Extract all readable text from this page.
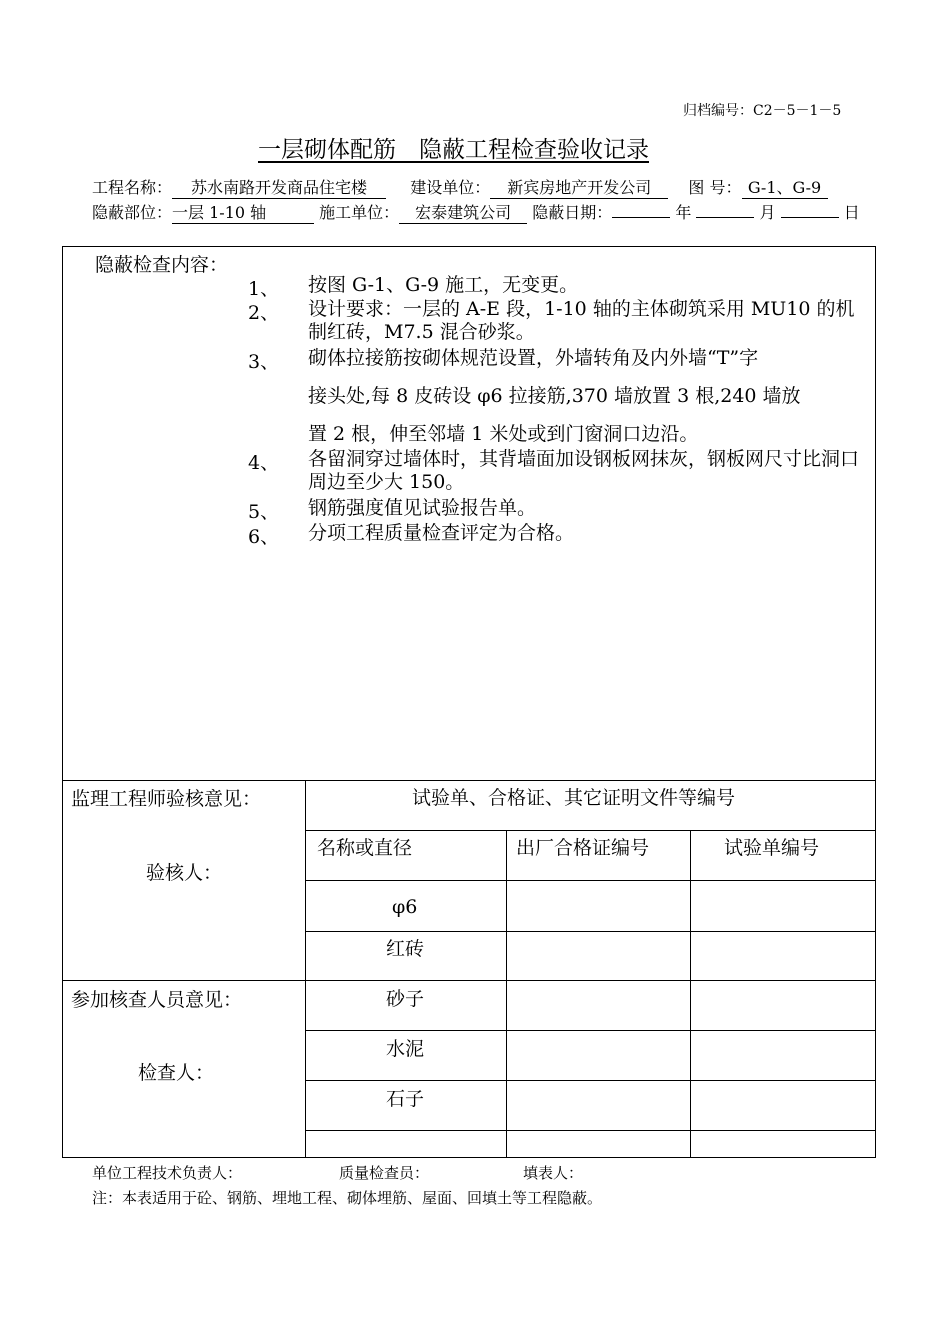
归档编号：C2－5－1－5
一层砌体配筋　隐蔽工程检查验收记录
工程名称： 苏水南路开发商品住宅楼	建设单位： 新宾房地产开发公司 图 号： G-1、G-9
隐蔽部位：一层 1-10 轴	施工单位： 宏泰建筑公司 隐蔽日期：	年	月	日
隐蔽检查内容：
1、 按图 G-1、G-9 施工，无变更。
2、 设计要求：一层的 A-E 段，1-10 轴的主体砌筑采用 MU10 的机制红砖，M7.5 混合砂浆。
3、 砌体拉接筋按砌体规范设置，外墙转角及内外墙“T”字
接头处,每 8 皮砖设 φ6 拉接筋,370 墙放置 3 根,240 墙放
置 2 根，伸至邻墙 1 米处或到门窗洞口边沿。
4、 各留洞穿过墙体时，其背墙面加设钢板网抹灰，钢板网尺寸比洞口周边至少大 150。
5、 钢筋强度值见试验报告单。
6、 分项工程质量检查评定为合格。
监理工程师验核意见：
验核人：
参加核查人员意见：
检查人：
试验单、合格证、其它证明文件等编号
名称或直径	出厂合格证编号	试验单编号
φ6
红砖
砂子
水泥
石子
单位工程技术负责人：	质量检查员：	填表人：
注：本表适用于砼、钢筋、埋地工程、砌体埋筋、屋面、回填土等工程隐蔽。
